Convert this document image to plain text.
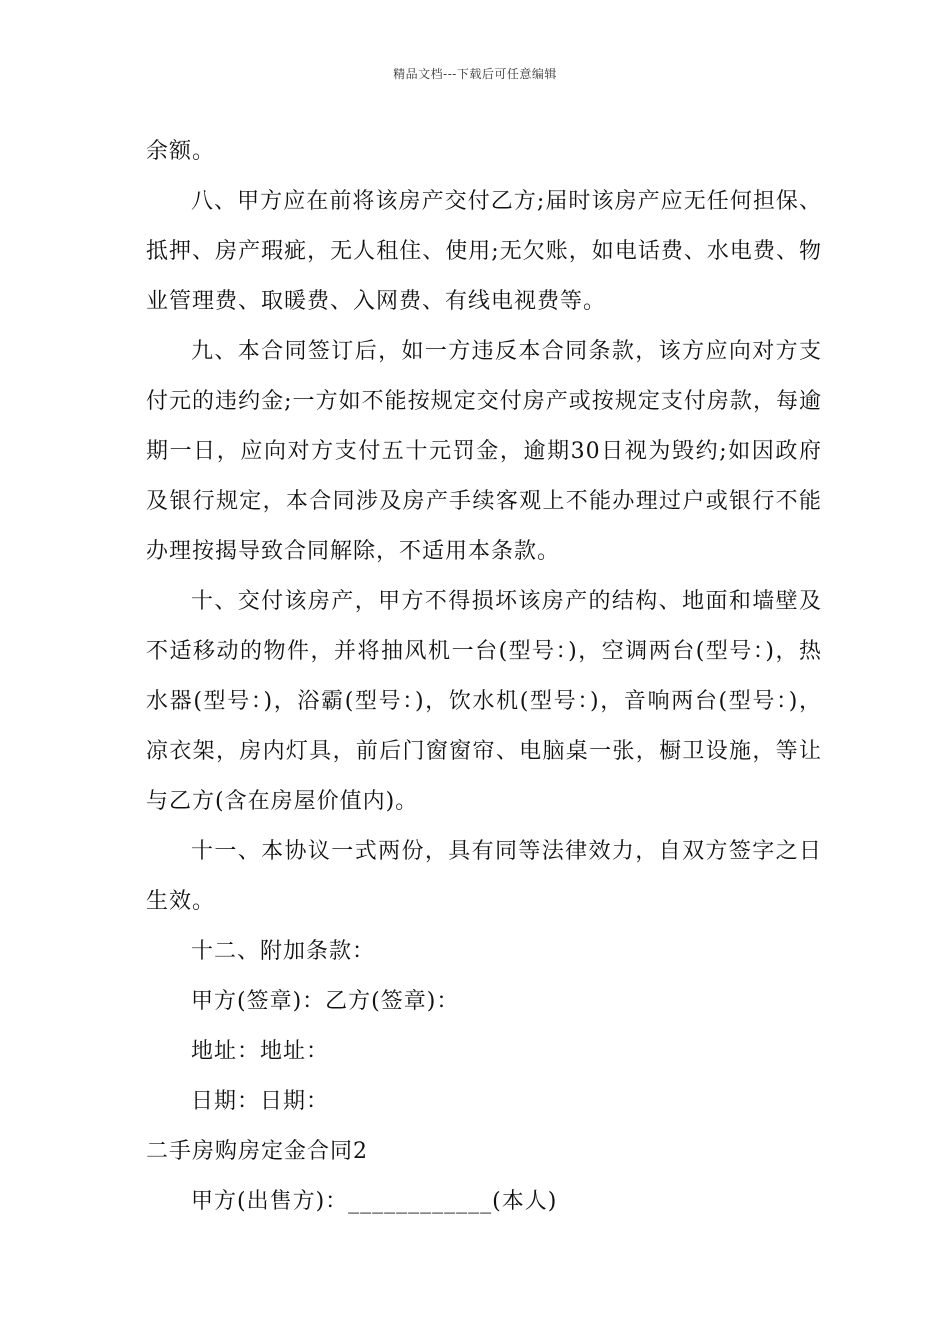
精品文档---下载后可任意编辑

余额。

八、甲方应在前将该房产交付乙方;届时该房产应无任何担保、抵押、房产瑕疵，无人租住、使用;无欠账，如电话费、水电费、物业管理费、取暖费、入网费、有线电视费等。

九、本合同签订后，如一方违反本合同条款，该方应向对方支付元的违约金;一方如不能按规定交付房产或按规定支付房款，每逾期一日，应向对方支付五十元罚金，逾期30日视为毁约;如因政府及银行规定，本合同涉及房产手续客观上不能办理过户或银行不能办理按揭导致合同解除，不适用本条款。

十、交付该房产，甲方不得损坏该房产的结构、地面和墙壁及不适移动的物件，并将抽风机一台(型号：)，空调两台(型号：)，热水器(型号：)，浴霸(型号：)，饮水机(型号：)，音响两台(型号：)，凉衣架，房内灯具，前后门窗窗帘、电脑桌一张，橱卫设施，等让与乙方(含在房屋价值内)。

十一、本协议一式两份，具有同等法律效力，自双方签字之日生效。

十二、附加条款：

甲方(签章)：乙方(签章)：

地址：地址：

日期：日期：

二手房购房定金合同2

甲方(出售方)：____________(本人)
